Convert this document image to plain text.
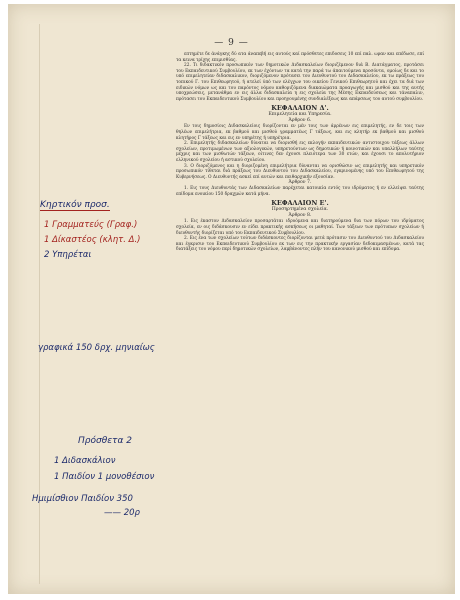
— 9 —

επτημέτε δε άνάγκης δύ ατα άναπεβή εις αυτούς καί πρόσθετες επιδοσεις 10 επί παλ. ωραν και επέδωσε, επί τα κεινα τρίχης επιμισθίας.

22. Τι διδακτικόν προσωπικόν των δημοτικών Διδασκαλείων διοριζέμενον διά Β. Διατάγματος, προτάσει του Εκπαιδευτικού Συμβουλίου, εκ των έχόντων τα κατά την παρά τω άπαιτούμενα προσόντα, ομοίως δε και το υπό επιμελητείαν διδασκαλικον, διοριζόμενον πρότασει του Διευθυντού του Διδασκαλείου, εκ τω πράξεως του τοπικού Γ. του Επιθεωρητού, ή ατελεί ύπό των ελέγχων του οικείου Γενικού Επιθεωρητού και έχει τα διά των ειδικών νόμων ως και του παρόντος νόμου καθοριζόμενα διακαιώματα προαγωγής και μισθού και της αυτής υποχρεώσεις, μετανάθμα εν εις άλλα διδασκαλεία η εις σχολεία της Μέσης Εκπαιδεύσεως και τάναπαλιν, πρότασει του Εκπαιδευτικού Συμβουλίου και προηγουμένης συνδιαλέξεως και απάρσεως του αυτού συμβουλίου.

ΚΕΦΑΛΑΙΟΝ Δ'.
Επιμελητεία και Υπηρεσία.
Άρθρον 6.

Εν τοις δημοσίοις Διδασκαλείοις διορίζονται εν μέν τοις των άρρένων εις επιμελητής, εν δε τοις των θηλέων επιμελήτρια, εκ βαθμού και μισθού γραμματέως Γ τάξεως, και εις κλητήρ εκ βαθμού και μισθού κλητήρος Γ τάξεως και εις εν υπηρέτης ή υπηρέτρια.

2. Επιμελητής διδασκαλείων δύναται να διορισθή εις εκλογήν εκπαιδευτικών αντιστοιχου τάξεως άλλων σχολείων, προτιμωμένων των αξιολογικών, υπηρετούντων ως δημοτικών ή κοινοτικών και υπαλλήλων ταύτης μέχρις και των μισθωτών τάξεων, οίτινες δεν έχουσι πλειότερα των 30 ετών, και έχουσι το απολυτήριον ελληνικού σχολείου ή αστικού σχολείου.

3. Ο διοριζόμενος και η διοριζομένη επιμελήτρια δύνανται να ορισθώσιν ως επιμελητής και υπηρετικόν προσωπικόν τίθεται διά πράξεως του Διευθυντού του Διδασκαλείου, εγκρινομένης υπό του Επιθεωρητού της Κυβερνήσεως. Ο Διευθυντής ασκεί επί αυτών και πειθαρχικήν εξουσίαν.

Άρθρον 7.

1. Εις τους Διευθυντάς των Διδασκαλείων παρέχεται κατοικία εντός του ιδρύματος ή εν ελλείψει ταύτης επίδομα ενοικίου 150 δραχμών κατά μήνα.

ΚΕΦΑΛΑΙΟΝ Ε'.
Προσηρτημένα σχολεία.
Άρθρον 8.

1. Εις έκαστον Διδασκαλείον προσαρτάται ιδρυόμενα και διατηρούμενα δια των πόρων του ιδρύματος σχολεία, εν οις διδάσκουσιν εν είδει πρακτικής ασκήσεως οι μαθηταί. Των τάξεων των πρότυπων σχολείων ή διευθυντής διορίζεται υπό του Εκπαιδευτικού Συμβουλίου.

2. Εις ένα των σχολείων τούτων διδάσκοντες διορίζονται μετά πρότασιν του Διευθυντού του Διδασκαλείου και έγκρισιν του Εκπαιδευτικού Συμβουλίου εκ των εις την πρακτικήν εργασίαν δεδοκιμασμένων, κατά τας διατάξεις του νόμου περί δημοτικών σχολείων, λαμβάνοντες πλήν του κανονικού μισθού και επίδομα.

Κηρτικόν προσ.
1 Γραμματεύς (Γραφ.)
1 Δίκαστέος (κλητ. Δ.)
2 Υπηρέται
γραφικά 150 δρχ. μηνιαίως
Πρόσθετα 2
1 Διδασκάλιον
1 Παιδίον 1 μονοθέσιον
Ημιμίσθιον Παιδίον 350
—— 20ρ
